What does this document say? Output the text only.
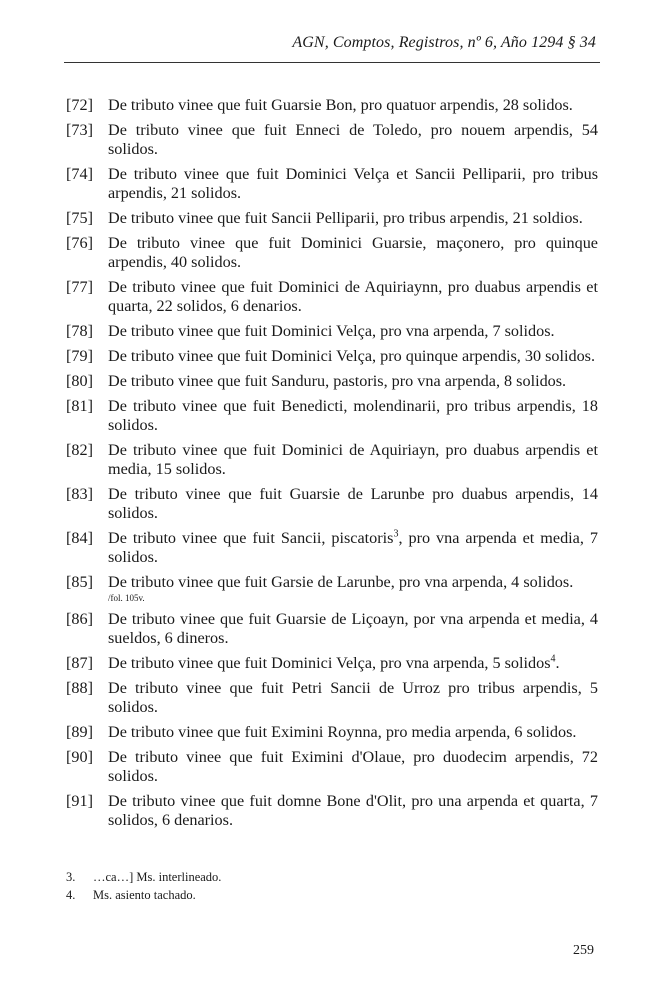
AGN, Comptos, Registros, nº 6, Año 1294 § 34
[72] De tributo vinee que fuit Guarsie Bon, pro quatuor arpendis, 28 solidos.
[73] De tributo vinee que fuit Enneci de Toledo, pro nouem arpendis, 54 solidos.
[74] De tributo vinee que fuit Dominici Velça et Sancii Pelliparii, pro tribus arpendis, 21 solidos.
[75] De tributo vinee que fuit Sancii Pelliparii, pro tribus arpendis, 21 soldios.
[76] De tributo vinee que fuit Dominici Guarsie, maçonero, pro quinque arpendis, 40 solidos.
[77] De tributo vinee que fuit Dominici de Aquiriaynn, pro duabus arpendis et quarta, 22 solidos, 6 denarios.
[78] De tributo vinee que fuit Dominici Velça, pro vna arpenda, 7 solidos.
[79] De tributo vinee que fuit Dominici Velça, pro quinque arpendis, 30 solidos.
[80] De tributo vinee que fuit Sanduru, pastoris, pro vna arpenda, 8 solidos.
[81] De tributo vinee que fuit Benedicti, molendinarii, pro tribus arpendis, 18 solidos.
[82] De tributo vinee que fuit Dominici de Aquiriayn, pro duabus arpendis et media, 15 solidos.
[83] De tributo vinee que fuit Guarsie de Larunbe pro duabus arpendis, 14 solidos.
[84] De tributo vinee que fuit Sancii, piscatoris$^3$, pro vna arpenda et media, 7 solidos.
[85] De tributo vinee que fuit Garsie de Larunbe, pro vna arpenda, 4 solidos.
/fol. 105v.
[86] De tributo vinee que fuit Guarsie de Liçoayn, por vna arpenda et media, 4 sueldos, 6 dineros.
[87] De tributo vinee que fuit Dominici Velça, pro vna arpenda, 5 solidos$^4$.
[88] De tributo vinee que fuit Petri Sancii de Urroz pro tribus arpendis, 5 solidos.
[89] De tributo vinee que fuit Eximini Roynna, pro media arpenda, 6 solidos.
[90] De tributo vinee que fuit Eximini d'Olaue, pro duodecim arpendis, 72 solidos.
[91] De tributo vinee que fuit domne Bone d'Olit, pro una arpenda et quarta, 7 solidos, 6 denarios.
3.	…ca…] Ms. interlineado.
4.	Ms. asiento tachado.
259
